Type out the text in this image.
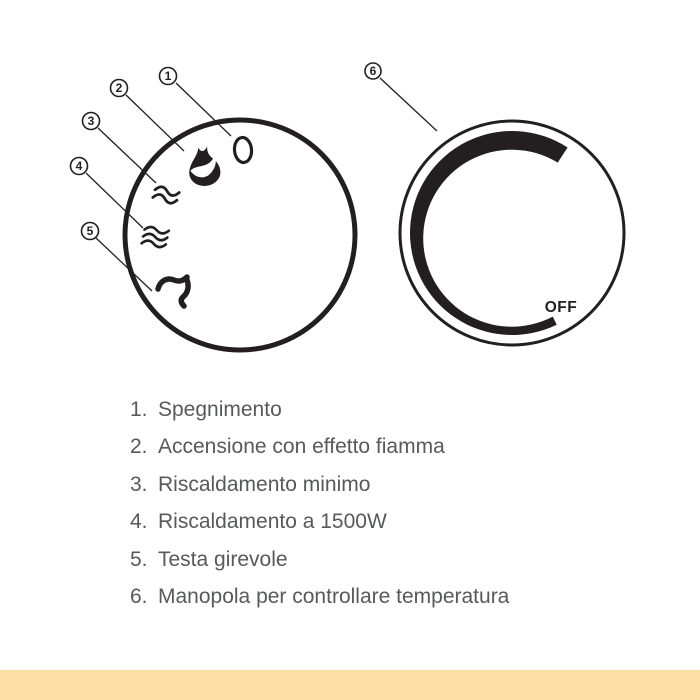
OFF
1
2
3
4
5
6
1. Spegnimento
2. Accensione con effetto fiamma
3. Riscaldamento minimo
4. Riscaldamento a 1500W
5. Testa girevole
6. Manopola per controllare temperatura
